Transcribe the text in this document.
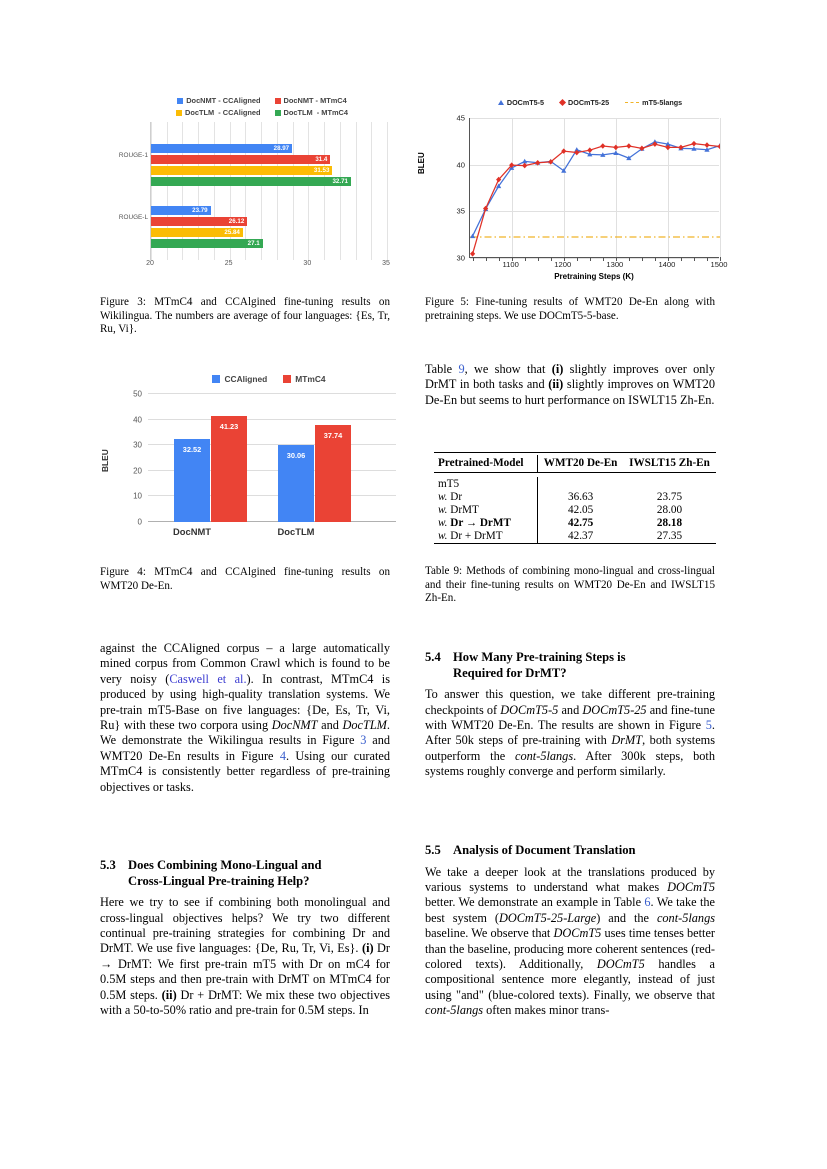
DocNMT - CCAligned	DocNMT - MTmC4
DocTLM  - CCAligned	DocTLM  - MTmC4
ROUGE-1
ROUGE-L
28.97
31.4
31.53
32.71
23.79
26.12
25.84
27.1
20	25	30	35
Figure 3: MTmC4 and CCAlgined fine-tuning results on Wikilingua. The numbers are average of four languages: {Es, Tr, Ru, Vi}.
DOCmT5-5	DOCmT5-25	mT5-5langs
BLEU
Pretraining Steps (K)
30
35
40
45
1100	1200	1300	1400	1500
Figure 5: Fine-tuning results of WMT20 De-En along with pretraining steps. We use DOCmT5-5-base.
CCAligned	MTmC4
BLEU	32.52
41.23
30.06
37.74
0
10
20
30
40
50
DocNMT	DocTLM
Figure 4: MTmC4 and CCAlgined fine-tuning results on WMT20 De-En.
Table 9, we show that (i) slightly improves over only DrMT in both tasks and (ii) slightly improves on WMT20 De-En but seems to hurt performance on ISWLT15 Zh-En.

Pretrained-Model	WMT20 De-En	IWSLT15 Zh-En

mT5		
w. Dr	36.63	23.75
w. DrMT	42.05	28.00
w. Dr → DrMT	42.75	28.18
w. Dr + DrMT	42.37	27.35

Table 9: Methods of combining mono-lingual and cross-lingual and their fine-tuning results on WMT20 De-En and IWSLT15 Zh-En.
against the CCAligned corpus – a large automatically mined corpus from Common Crawl which is found to be very noisy (Caswell et al.). In contrast, MTmC4 is produced by using high-quality translation systems. We pre-train mT5-Base on five languages: {De, Es, Tr, Vi, Ru} with these two corpora using DocNMT and DocTLM. We demonstrate the Wikilingua results in Figure 3 and WMT20 De-En results in Figure 4. Using our curated MTmC4 is consistently better regardless of pre-training objectives or tasks.
5.3 Does Combining Mono-Lingual and
Cross-Lingual Pre-training Help?
Here we try to see if combining both monolingual and cross-lingual objectives helps? We try two different continual pre-training strategies for combining Dr and DrMT. We use five languages: {De, Ru, Tr, Vi, Es}. (i) Dr → DrMT: We first pre-train mT5 with Dr on mC4 for 0.5M steps and then pre-train with DrMT on MTmC4 for 0.5M steps. (ii) Dr + DrMT: We mix these two objectives with a 50-to-50% ratio and pre-train for 0.5M steps. In
5.4 How Many Pre-training Steps is
Required for DrMT?
To answer this question, we take different pre-training checkpoints of DOCmT5-5 and DOCmT5-25 and fine-tune with WMT20 De-En. The results are shown in Figure 5. After 50k steps of pre-training with DrMT, both systems outperform the cont-5langs. After 300k steps, both systems roughly converge and perform similarly.
5.5 Analysis of Document Translation
We take a deeper look at the translations produced by various systems to understand what makes DOCmT5 better. We demonstrate an example in Table 6. We take the best system (DOCmT5-25-Large) and the cont-5langs baseline. We observe that DOCmT5 uses time tenses better than the baseline, producing more coherent sentences (red-colored texts). Additionally, DOCmT5 handles a compositional sentence more elegantly, instead of just using "and" (blue-colored texts). Finally, we observe that cont-5langs often makes minor trans-
